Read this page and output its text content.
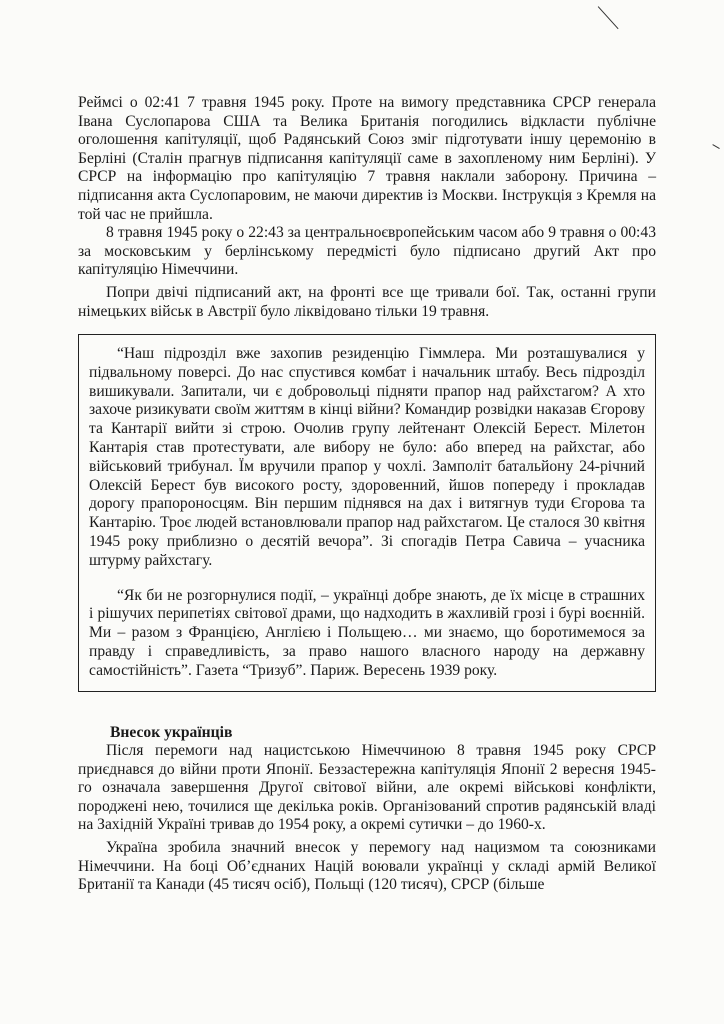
Реймсі о 02:41 7 травня 1945 року. Проте на вимогу представника СРСР генерала Івана Суслопарова США та Велика Британія погодились відкласти публічне оголошення капітуляції, щоб Радянський Союз зміг підготувати іншу церемонію в Берліні (Сталін прагнув підписання капітуляції саме в захопленому ним Берліні). У СРСР на інформацію про капітуляцію 7 травня наклали заборону. Причина – підписання акта Суслопаровим, не маючи директив із Москви. Інструкція з Кремля на той час не прийшла.

8 травня 1945 року о 22:43 за центральноєвропейським часом або 9 травня о 00:43 за московським у берлінському передмісті було підписано другий Акт про капітуляцію Німеччини.

Попри двічі підписаний акт, на фронті все ще тривали бої. Так, останні групи німецьких військ в Австрії було ліквідовано тільки 19 травня.

“Наш підрозділ вже захопив резиденцію Гіммлера. Ми розташувалися у підвальному поверсі. До нас спустився комбат і начальник штабу. Весь підрозділ вишикували. Запитали, чи є добровольці підняти прапор над райхстагом? А хто захоче ризикувати своїм життям в кінці війни? Командир розвідки наказав Єгорову та Кантарії вийти зі строю. Очолив групу лейтенант Олексій Берест. Мілетон Кантарія став протестувати, але вибору не було: або вперед на райхстаг, або військовий трибунал. Їм вручили прапор у чохлі. Замполіт батальйону 24-річний Олексій Берест був високого росту, здоровенний, йшов попереду і прокладав дорогу прапороносцям. Він першим піднявся на дах і витягнув туди Єгорова та Кантарію. Троє людей встановлювали прапор над райхстагом. Це сталося 30 квітня 1945 року приблизно о десятій вечора”. Зі спогадів Петра Савича – учасника штурму райхстагу.

“Як би не розгорнулися події, – українці добре знають, де їх місце в страшних і рішучих перипетіях світової драми, що надходить в жахливій грозі і бурі воєнній. Ми – разом з Францією, Англією і Польщею… ми знаємо, що боротимемося за правду і справедливість, за право нашого власного народу на державну самостійність”. Газета “Тризуб”. Париж. Вересень 1939 року.

Внесок українців

Після перемоги над нацистською Німеччиною 8 травня 1945 року СРСР приєднався до війни проти Японії. Беззастережна капітуляція Японії 2 вересня 1945-го означала завершення Другої світової війни, але окремі військові конфлікти, породжені нею, точилися ще декілька років. Організований спротив радянській владі на Західній Україні тривав до 1954 року, а окремі сутички – до 1960-х.

Україна зробила значний внесок у перемогу над нацизмом та союзниками Німеччини. На боці Об’єднаних Націй воювали українці у складі армій Великої Британії та Канади (45 тисяч осіб), Польщі (120 тисяч), СРСР (більше
